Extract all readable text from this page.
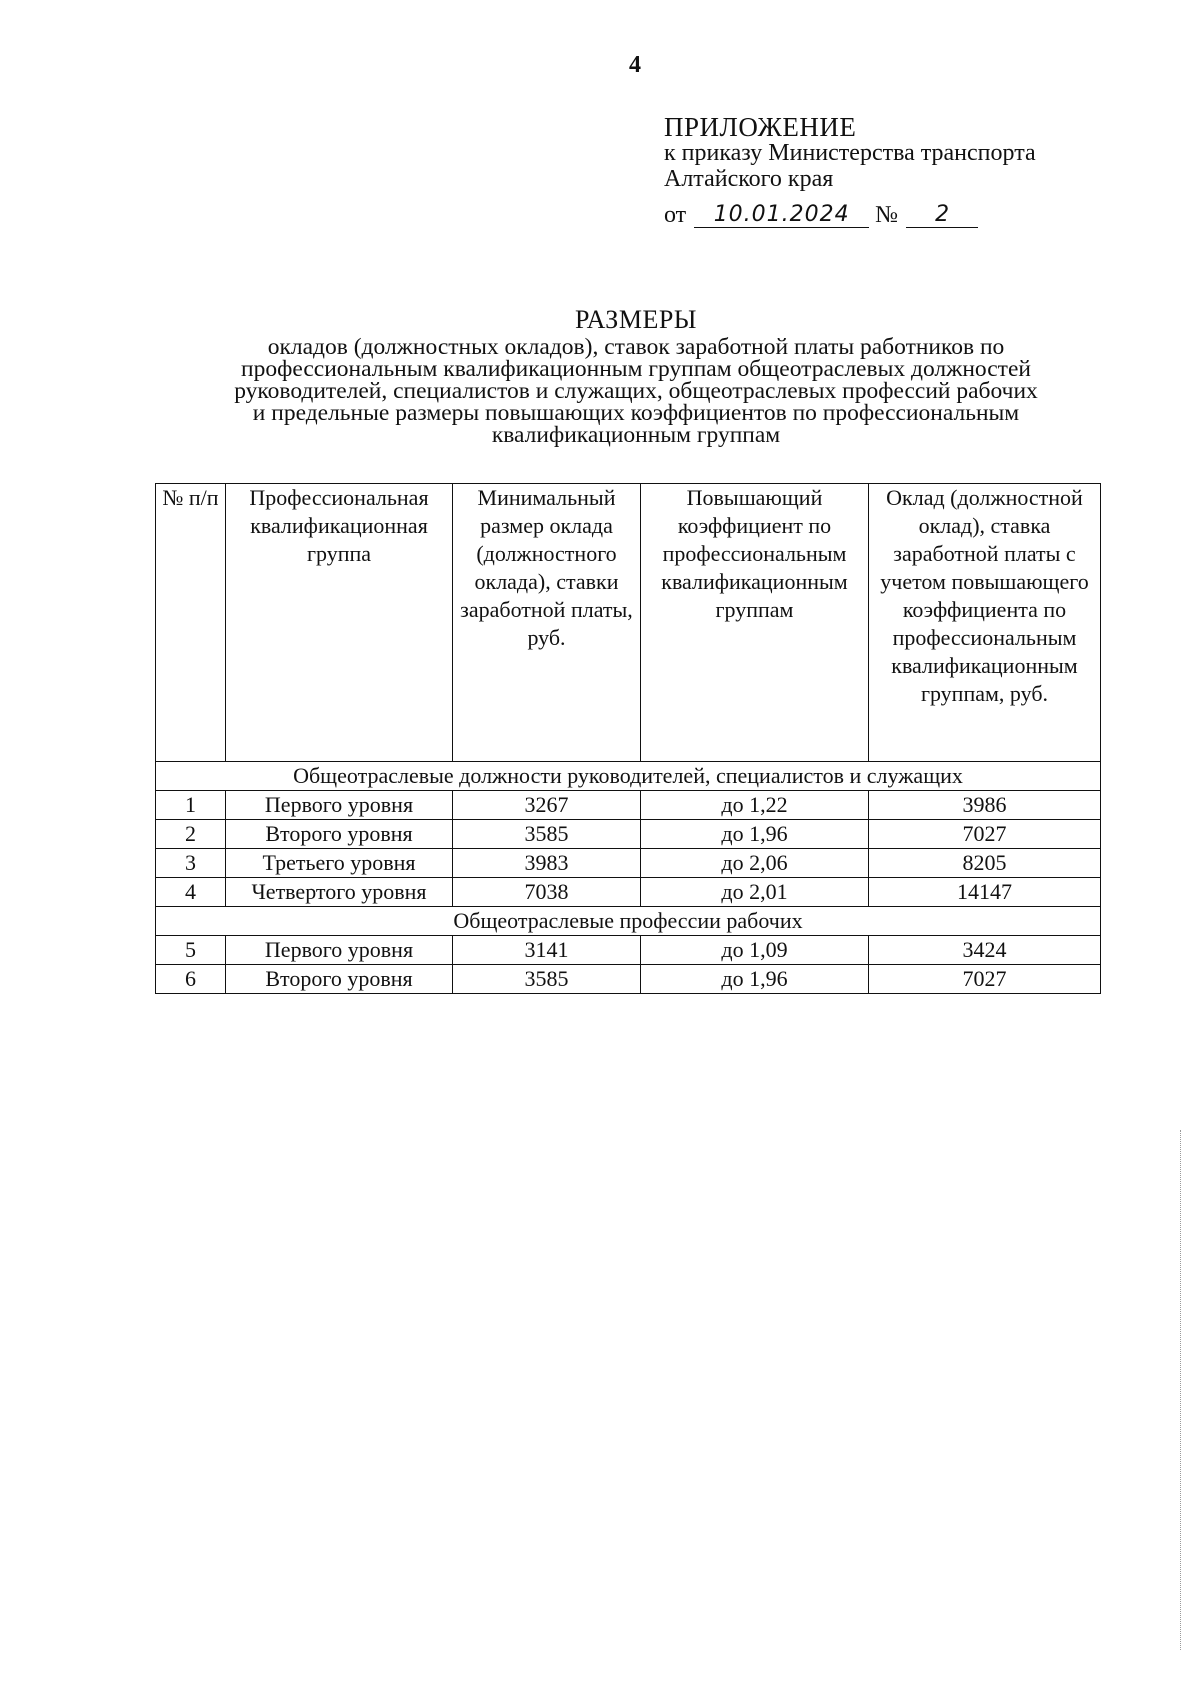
4
ПРИЛОЖЕНИЕ
к приказу Министерства транспорта
Алтайского края
от	10.01.2024	№	2
РАЗМЕРЫ
окладов (должностных окладов), ставок заработной платы работников по
профессиональным квалификационным группам общеотраслевых должностей
руководителей, специалистов и служащих, общеотраслевых профессий рабочих
и предельные размеры повышающих коэффициентов по профессиональным
квалификационным группам
№ п/п	Профессиональная квалификационная группа	Минимальный размер оклада (должностного оклада), ставки заработной платы, руб.	Повышающий коэффициент по профессиональным квалификационным группам	Оклад (должностной оклад), ставка заработной платы с учетом повышающего коэффициента по профессиональным квалификационным группам, руб.
Общеотраслевые должности руководителей, специалистов и служащих				
1	Первого уровня	3267	до 1,22	3986
2	Второго уровня	3585	до 1,96	7027
3	Третьего уровня	3983	до 2,06	8205
4	Четвертого уровня	7038	до 2,01	14147
Общеотраслевые профессии рабочих				
5	Первого уровня	3141	до 1,09	3424
6	Второго уровня	3585	до 1,96	7027
